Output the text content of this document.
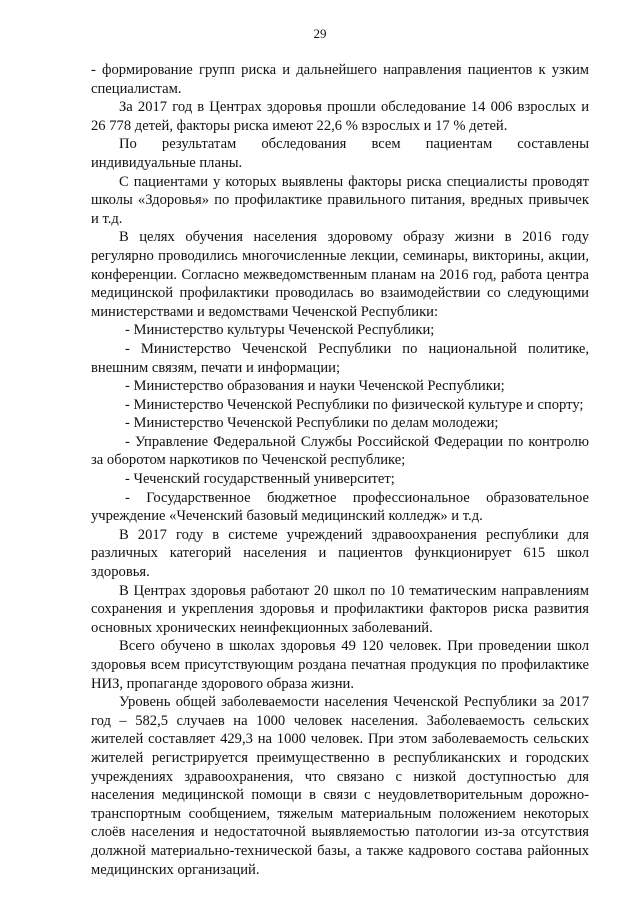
29

- формирование групп риска и дальнейшего направления пациентов к узким специалистам.

За 2017 год в Центрах здоровья прошли обследование 14 006 взрослых и 26 778 детей, факторы риска имеют 22,6 % взрослых и 17 % детей.

По результатам обследования всем пациентам составлены индивидуальные планы.

С пациентами у которых выявлены факторы риска специалисты проводят школы «Здоровья» по профилактике правильного питания, вредных привычек и т.д.

В целях обучения населения здоровому образу жизни в 2016 году регулярно проводились многочисленные лекции, семинары, викторины, акции, конференции. Согласно межведомственным планам на 2016 год, работа центра медицинской профилактики проводилась во взаимодействии со следующими министерствами и ведомствами Чеченской Республики:

- Министерство культуры Чеченской Республики;

- Министерство Чеченской Республики по национальной политике, внешним связям, печати и информации;

- Министерство образования и науки Чеченской Республики;

- Министерство Чеченской Республики по физической культуре и спорту;

- Министерство Чеченской Республики по делам молодежи;

- Управление Федеральной Службы Российской Федерации по контролю за оборотом наркотиков по Чеченской республике;

- Чеченский государственный университет;

- Государственное бюджетное профессиональное образовательное учреждение «Чеченский базовый медицинский колледж» и т.д.

В 2017 году в системе учреждений здравоохранения республики для различных категорий населения и пациентов функционирует 615 школ здоровья.

В Центрах здоровья работают 20 школ по 10 тематическим направлениям сохранения и укрепления здоровья и профилактики факторов риска развития основных хронических неинфекционных заболеваний.

Всего обучено в школах здоровья 49 120 человек. При проведении школ здоровья всем присутствующим роздана печатная продукция по профилактике НИЗ, пропаганде здорового образа жизни.

Уровень общей заболеваемости населения Чеченской Республики за 2017 год – 582,5 случаев на 1000 человек населения. Заболеваемость сельских жителей составляет 429,3 на 1000 человек. При этом заболеваемость сельских жителей регистрируется преимущественно в республиканских и городских учреждениях здравоохранения, что связано с низкой доступностью для населения медицинской помощи в связи с неудовлетворительным дорожно-транспортным сообщением, тяжелым материальным положением некоторых слоёв населения и недостаточной выявляемостью патологии из-за отсутствия должной материально-технической базы, а также кадрового состава районных медицинских организаций.
